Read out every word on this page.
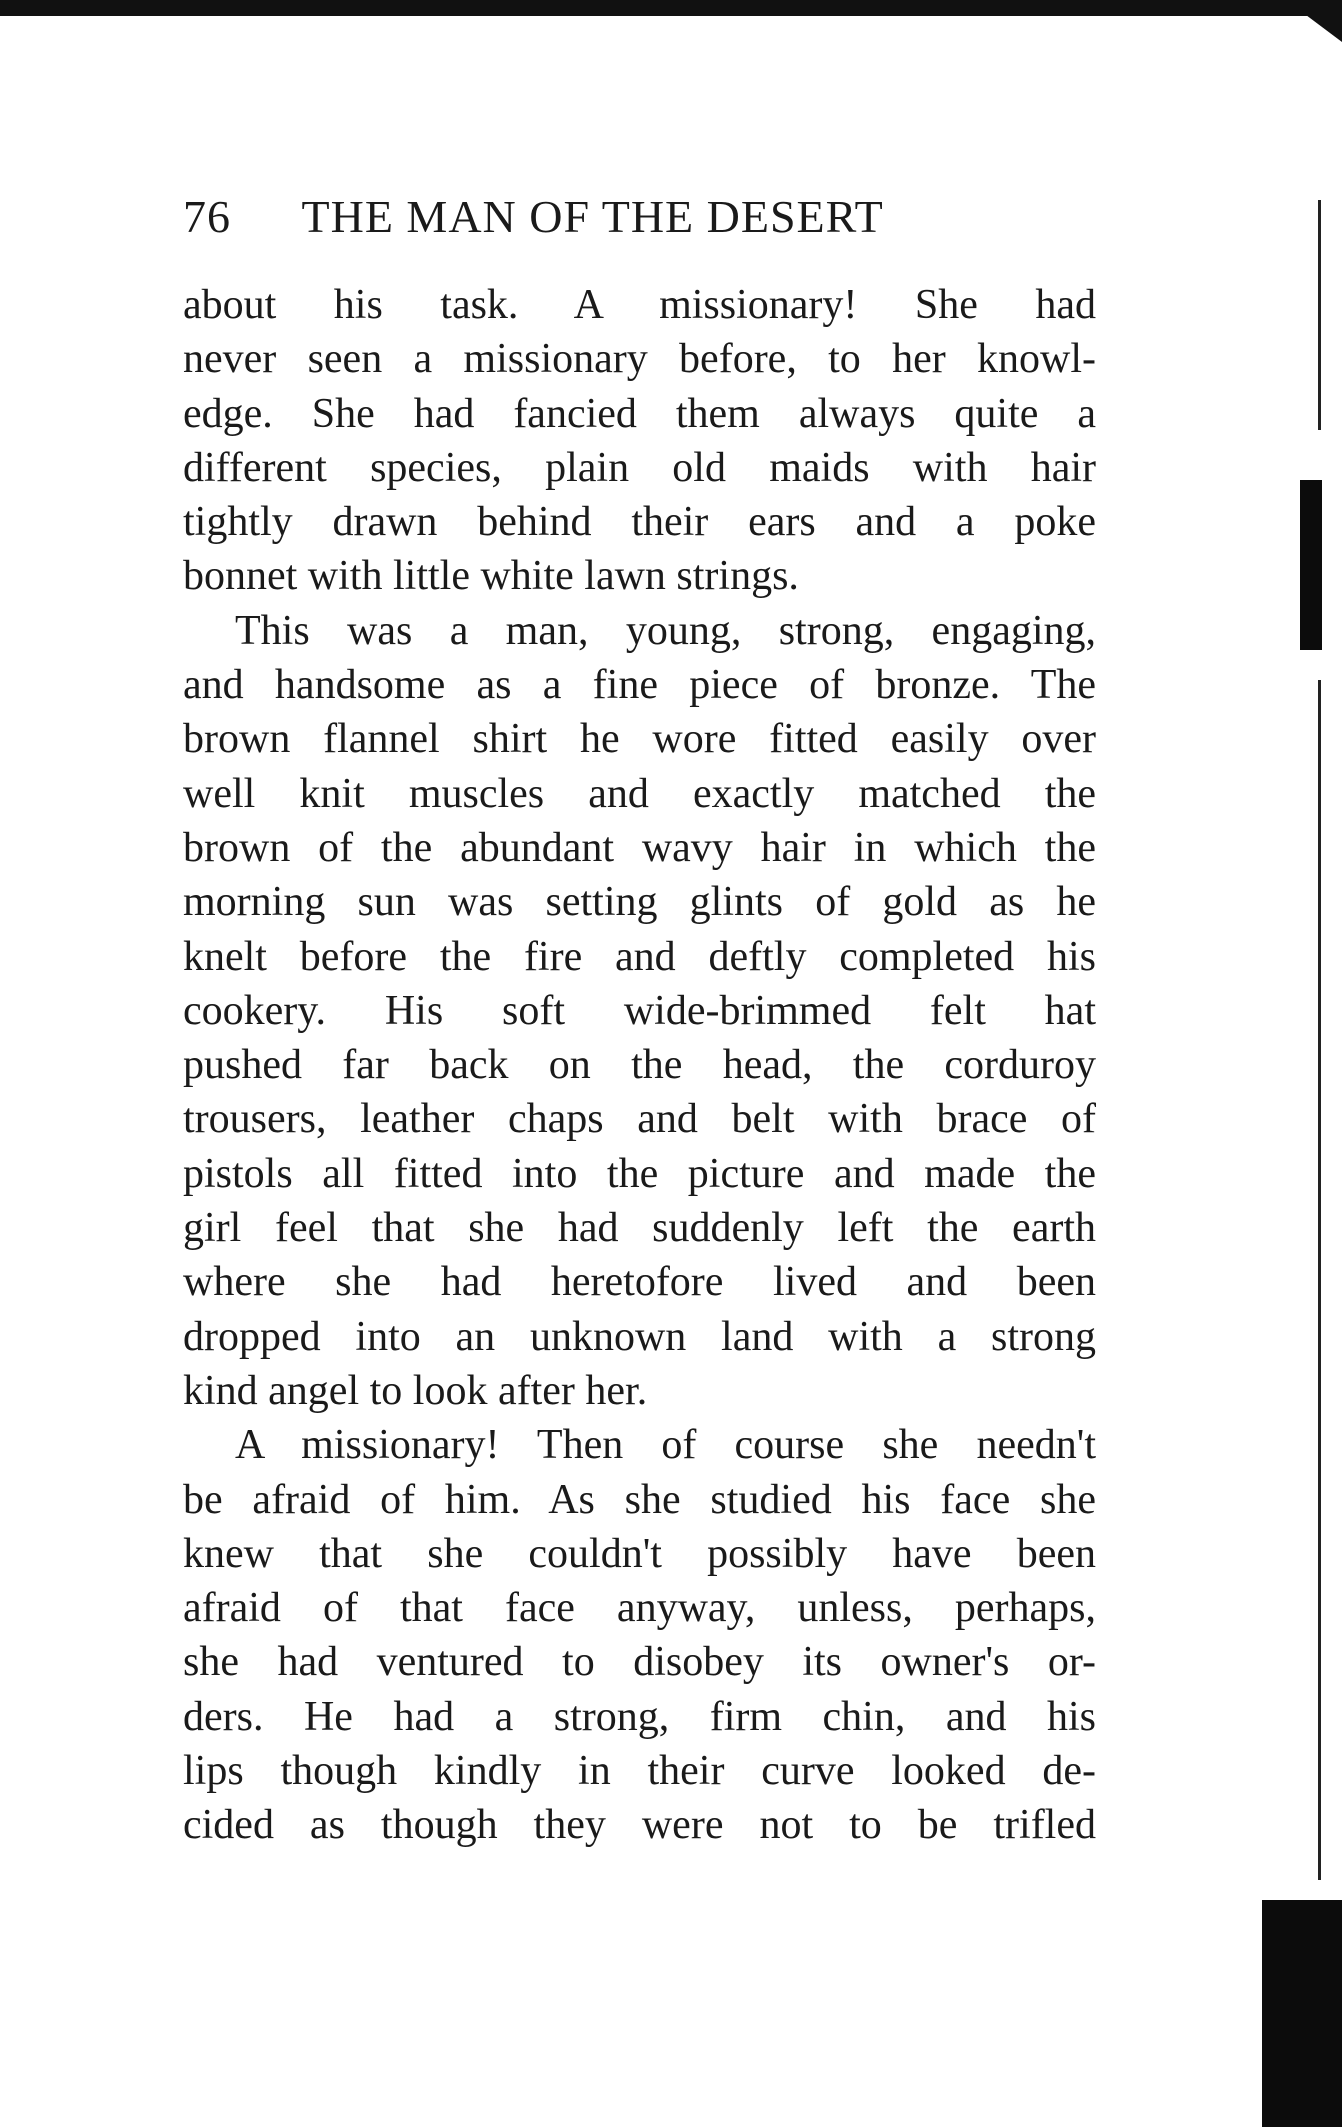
76 THE MAN OF THE DESERT
about his task. A missionary! She had
never seen a missionary before, to her knowl-
edge. She had fancied them always quite a
different species, plain old maids with hair
tightly drawn behind their ears and a poke
bonnet with little white lawn strings.
This was a man, young, strong, engaging,
and handsome as a fine piece of bronze. The
brown flannel shirt he wore fitted easily over
well knit muscles and exactly matched the
brown of the abundant wavy hair in which the
morning sun was setting glints of gold as he
knelt before the fire and deftly completed his
cookery. His soft wide-brimmed felt hat
pushed far back on the head, the corduroy
trousers, leather chaps and belt with brace of
pistols all fitted into the picture and made the
girl feel that she had suddenly left the earth
where she had heretofore lived and been
dropped into an unknown land with a strong
kind angel to look after her.
A missionary! Then of course she needn't
be afraid of him. As she studied his face she
knew that she couldn't possibly have been
afraid of that face anyway, unless, perhaps,
she had ventured to disobey its owner's or-
ders. He had a strong, firm chin, and his
lips though kindly in their curve looked de-
cided as though they were not to be trifled
